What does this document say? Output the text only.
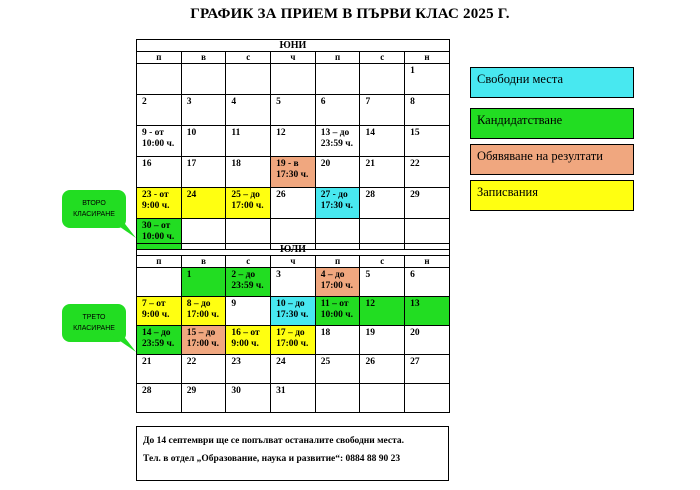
ГРАФИК ЗА ПРИЕМ В ПЪРВИ КЛАС 2025 Г.
ЮНИ						
п	в	с	ч	п	с	н
						1
2	3	4	5	6	7	8
9 - от 10:00 ч.	10	11	12	13 – до 23:59 ч.	14	15
16	17	18	19 - в 17:30 ч.	20	21	22
23 - от 9:00 ч.	24	25 – до 17:00 ч.	26	27 - до 17:30 ч.	28	29
30 – от 10:00 ч.						
ЮЛИ						
п	в	с	ч	п	с	н
	1	2 – до 23:59 ч.	3	4 – до 17:00 ч.	5	6
7 – от 9:00 ч.	8 – до 17:00 ч.	9	10 – до 17:30 ч.	11 – от 10:00 ч.	12	13
14 – до 23:59 ч.	15 – до 17:00 ч.	16 – от 9:00 ч.	17 – до 17:00 ч.	18	19	20
21	22	23	24	25	26	27
28	29	30	31			
Свободни места
Кандидатстване
Обявяване на резултати
Записвания
ВТОРО
КЛАСИРАНЕ
ТРЕТО
КЛАСИРАНЕ
До 14 септември ще се попълват останалите свободни места.
Тел. в отдел „Образование, наука и развитие“: 0884 88 90 23
